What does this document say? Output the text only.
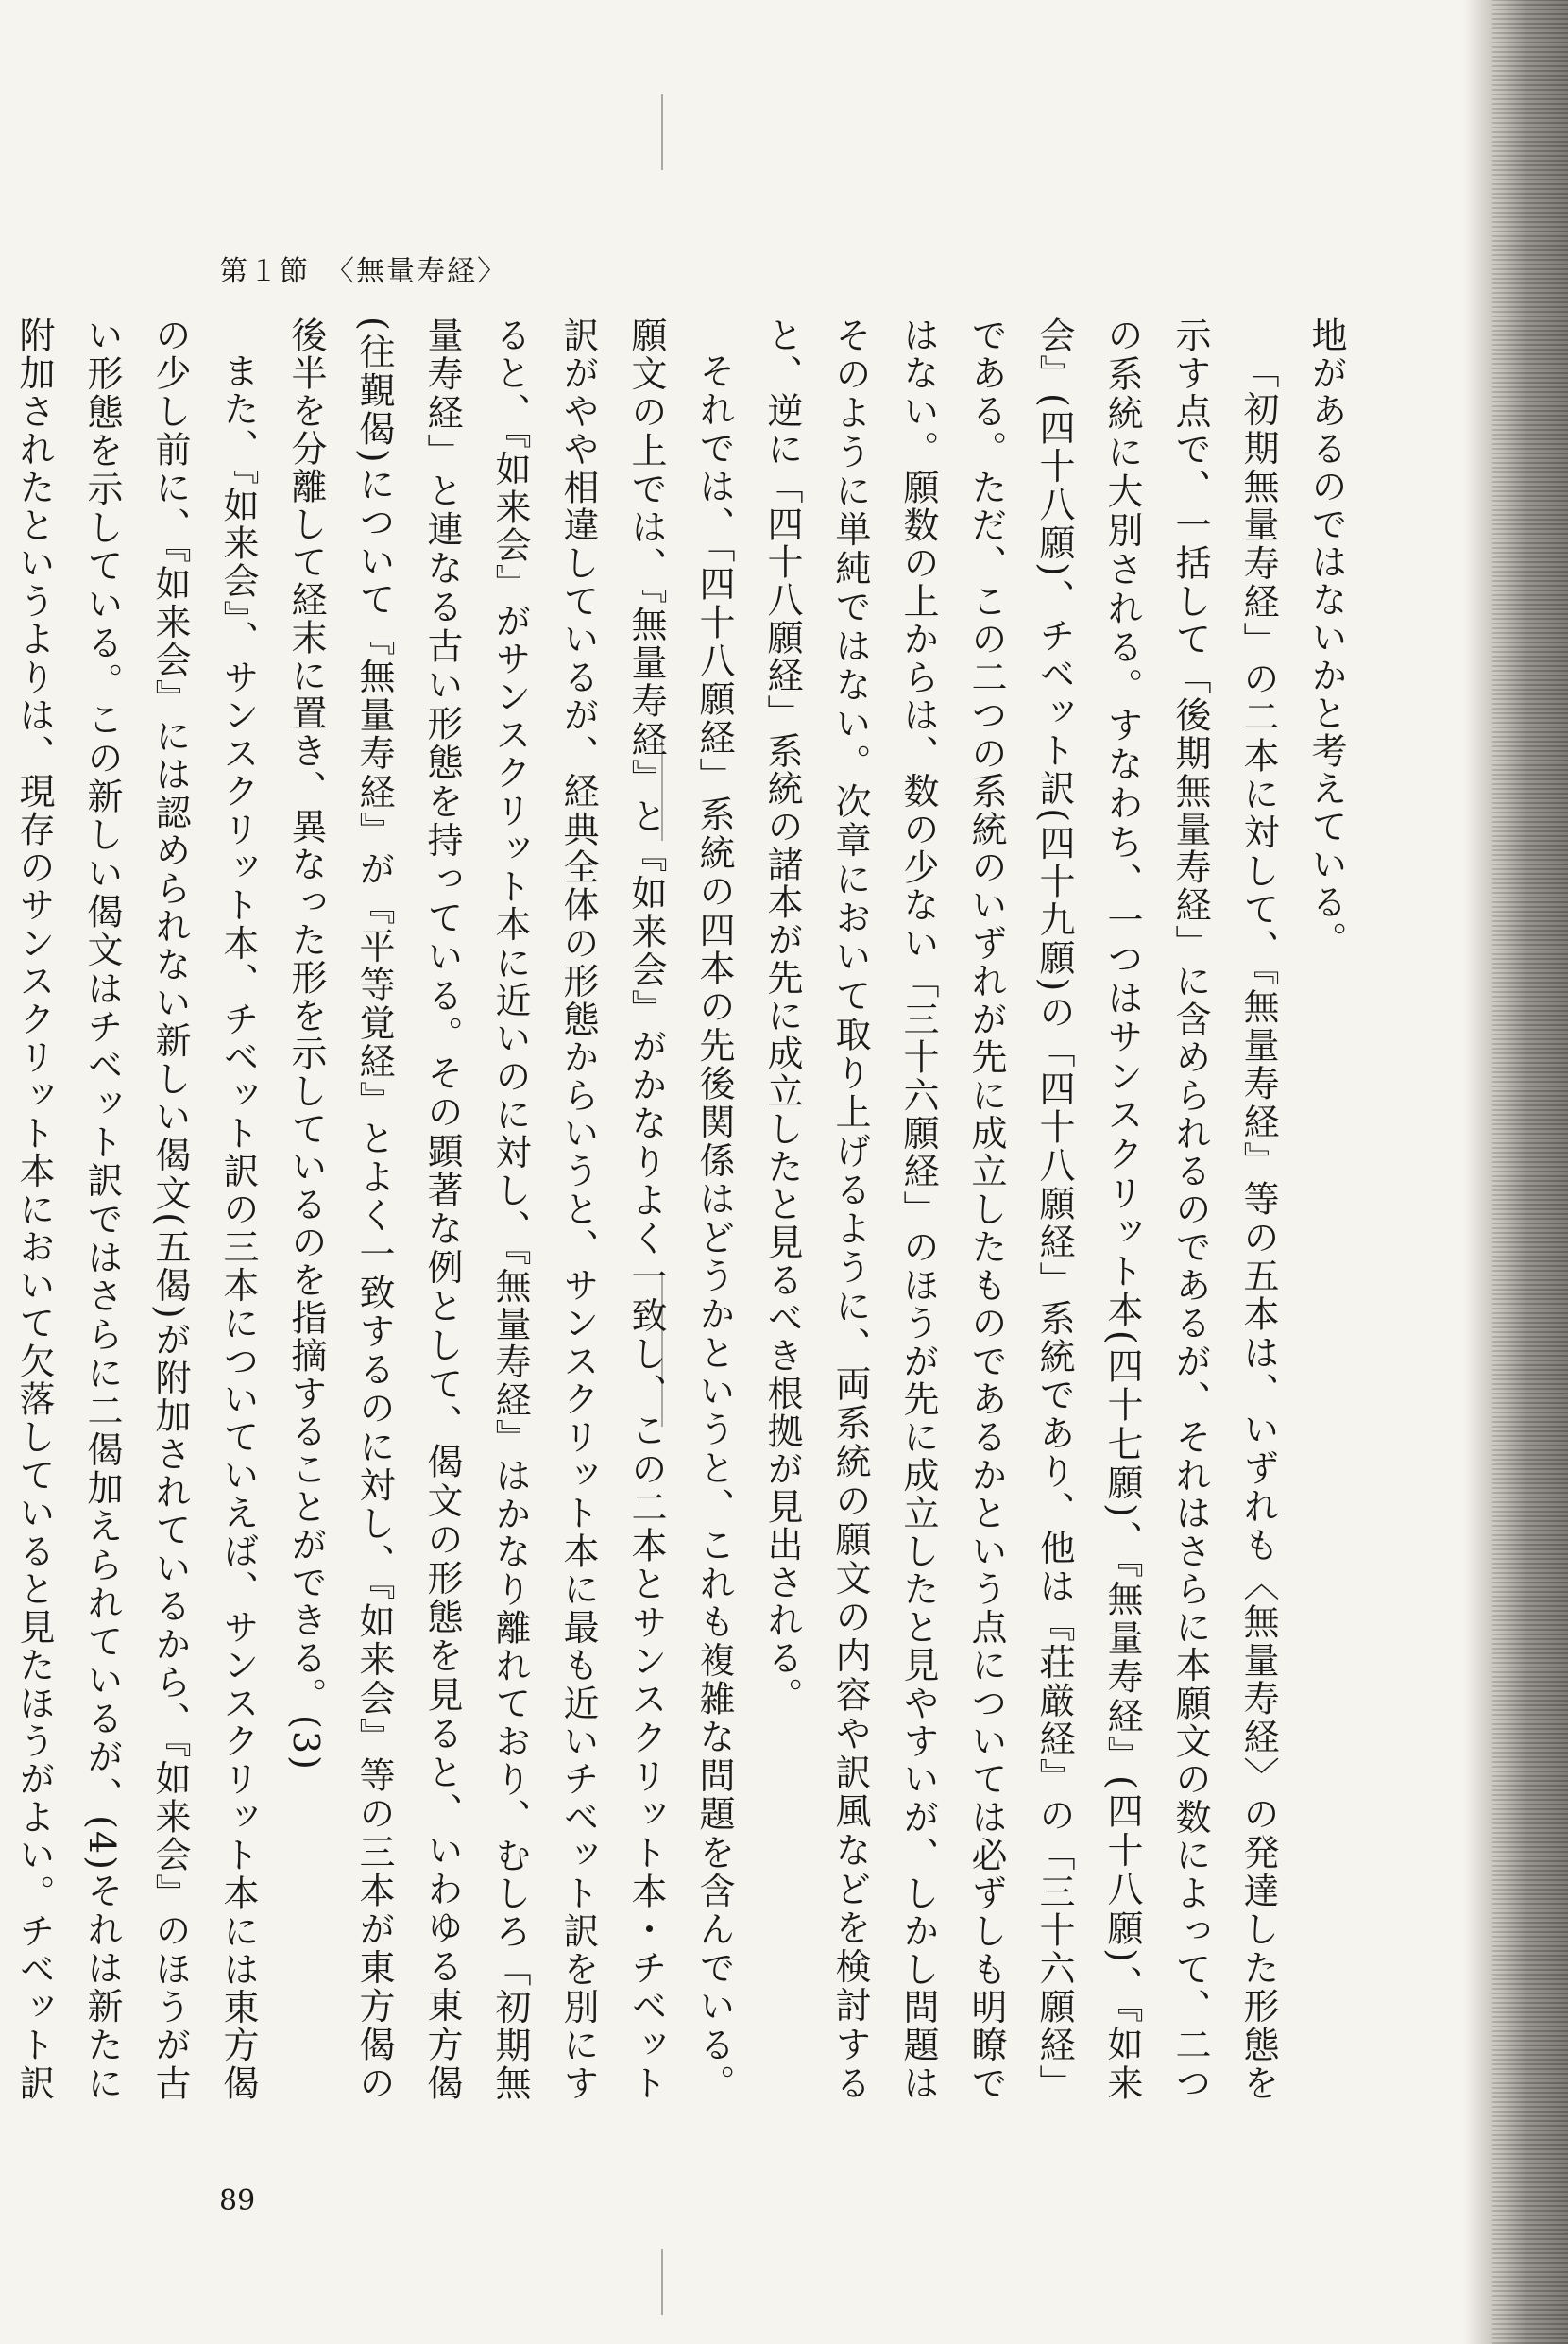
第１節　〈無量寿経〉

地があるのではないかと考えている。

「初期無量寿経」の二本に対して、『無量寿経』等の五本は、いずれも〈無量寿経〉の発達した形態を示す点で、一括して「後期無量寿経」に含められるのであるが、それはさらに本願文の数によって、二つの系統に大別される。すなわち、一つはサンスクリット本(四十七願)、『無量寿経』(四十八願)、『如来会』(四十八願)、チベット訳(四十九願)の「四十八願経」系統であり、他は『荘厳経』の「三十六願経」である。ただ、この二つの系統のいずれが先に成立したものであるかという点については必ずしも明瞭ではない。願数の上からは、数の少ない「三十六願経」のほうが先に成立したと見やすいが、しかし問題はそのように単純ではない。次章において取り上げるように、両系統の願文の内容や訳風などを検討すると、逆に「四十八願経」系統の諸本が先に成立したと見るべき根拠が見出される。

それでは、「四十八願経」系統の四本の先後関係はどうかというと、これも複雑な問題を含んでいる。願文の上では、『無量寿経』と『如来会』がかなりよく一致し、この二本とサンスクリット本・チベット訳がやや相違しているが、経典全体の形態からいうと、サンスクリット本に最も近いチベット訳を別にすると、『如来会』がサンスクリット本に近いのに対し、『無量寿経』はかなり離れており、むしろ「初期無量寿経」と連なる古い形態を持っている。その顕著な例として、偈文の形態を見ると、いわゆる東方偈(往覲偈)について『無量寿経』が『平等覚経』とよく一致するのに対し、『如来会』等の三本が東方偈の後半を分離して経末に置き、異なった形を示しているのを指摘することができる。(3)

また、『如来会』、サンスクリット本、チベット訳の三本についていえば、サンスクリット本には東方偈の少し前に、『如来会』には認められない新しい偈文(五偈)が附加されているから、『如来会』のほうが古い形態を示している。この新しい偈文はチベット訳ではさらに二偈加えられているが、(4)それは新たに附加されたというよりは、現存のサンスクリット本において欠落していると見たほうがよい。チベット訳

89
